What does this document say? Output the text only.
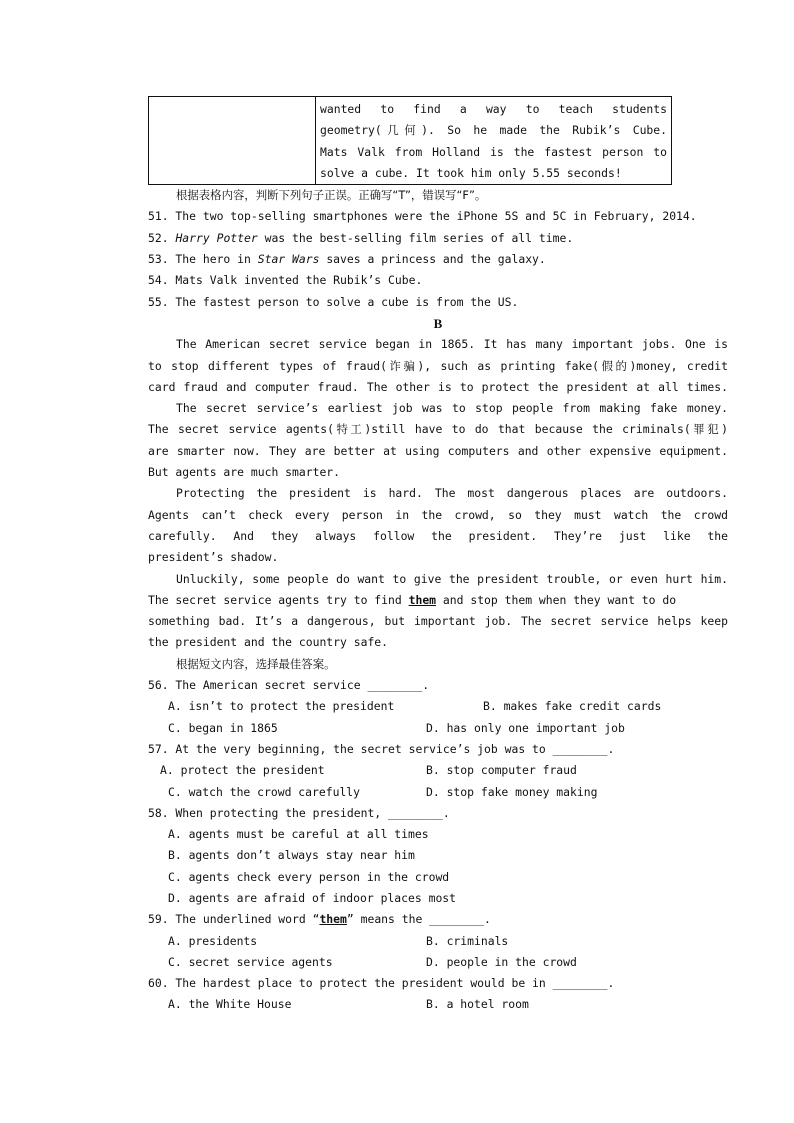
wanted to find a way to teach students
geometry(几何). So he made the Rubik’s Cube.
Mats Valk from Holland is the fastest person to
solve a cube. It took him only 5.55 seconds!
根据表格内容，判断下列句子正误。正确写“T”，错误写“F”。
51. The two top-selling smartphones were the iPhone 5S and 5C in February, 2014.
52. Harry Potter was the best-selling film series of all time.
53. The hero in Star Wars saves a princess and the galaxy.
54. Mats Valk invented the Rubik’s Cube.
55. The fastest person to solve a cube is from the US.
B
The American secret service began in 1865. It has many important jobs. One is
to stop different types of fraud(诈骗), such as printing fake(假的)money, credit
card fraud and computer fraud. The other is to protect the president at all times.
The secret service’s earliest job was to stop people from making fake money.
The secret service agents(特工)still have to do that because the criminals(罪犯)
are smarter now. They are better at using computers and other expensive equipment.
But agents are much smarter.
Protecting the president is hard. The most dangerous places are outdoors.
Agents can’t check every person in the crowd, so they must watch the crowd
carefully. And they always follow the president. They’re just like the
president’s shadow.
Unluckily, some people do want to give the president trouble, or even hurt him.
The secret service agents try to find them and stop them when they want to do
something bad. It’s a dangerous, but important job. The secret service helps keep
the president and the country safe.
根据短文内容，选择最佳答案。
56. The American secret service ________.
A. isn’t to protect the president	B. makes fake credit cards
C. began in 1865	D. has only one important job
57. At the very beginning, the secret service’s job was to ________.
A. protect the president	B. stop computer fraud
C. watch the crowd carefully	D. stop fake money making
58. When protecting the president, ________.
A. agents must be careful at all times
B. agents don’t always stay near him
C. agents check every person in the crowd
D. agents are afraid of indoor places most
59. The underlined word “them” means the ________.
A. presidents	B. criminals
C. secret service agents	D. people in the crowd
60. The hardest place to protect the president would be in ________.
A. the White House	B. a hotel room
